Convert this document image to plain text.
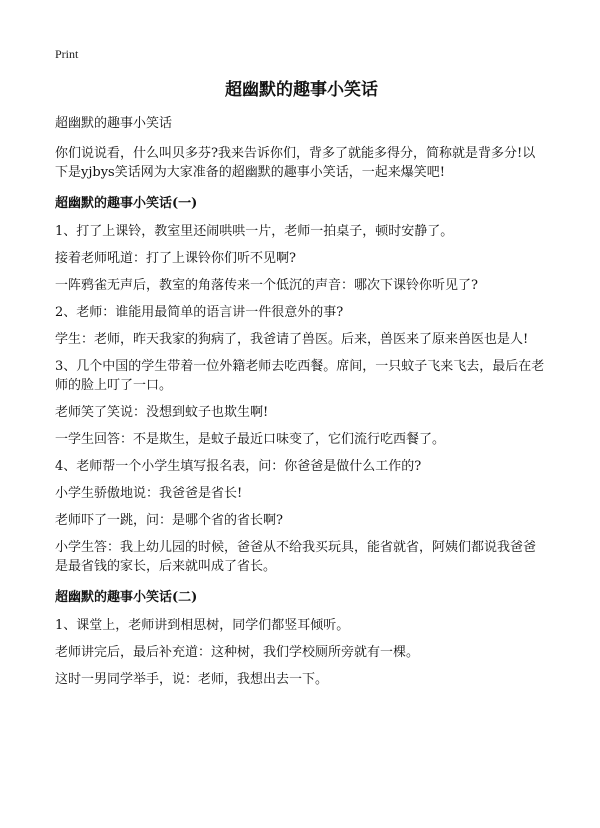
Print
超幽默的趣事小笑话
超幽默的趣事小笑话

你们说说看，什么叫贝多芬?我来告诉你们，背多了就能多得分，简称就是背多分!以下是yjbys笑话网为大家准备的超幽默的趣事小笑话，一起来爆笑吧!

超幽默的趣事小笑话(一)

1、打了上课铃，教室里还闹哄哄一片，老师一拍桌子，顿时安静了。

接着老师吼道：打了上课铃你们听不见啊?

一阵鸦雀无声后，教室的角落传来一个低沉的声音：哪次下课铃你听见了?

2、老师：谁能用最简单的语言讲一件很意外的事?

学生：老师，昨天我家的狗病了，我爸请了兽医。后来，兽医来了原来兽医也是人!

3、几个中国的学生带着一位外籍老师去吃西餐。席间，一只蚊子飞来飞去，最后在老师的脸上叮了一口。

老师笑了笑说：没想到蚊子也欺生啊!

一学生回答：不是欺生，是蚊子最近口味变了，它们流行吃西餐了。

4、老师帮一个小学生填写报名表，问：你爸爸是做什么工作的?

小学生骄傲地说：我爸爸是省长!

老师吓了一跳，问：是哪个省的省长啊?

小学生答：我上幼儿园的时候，爸爸从不给我买玩具，能省就省，阿姨们都说我爸爸是最省钱的家长，后来就叫成了省长。

超幽默的趣事小笑话(二)

1、课堂上，老师讲到相思树，同学们都竖耳倾听。

老师讲完后，最后补充道：这种树，我们学校厕所旁就有一棵。

这时一男同学举手，说：老师，我想出去一下。
